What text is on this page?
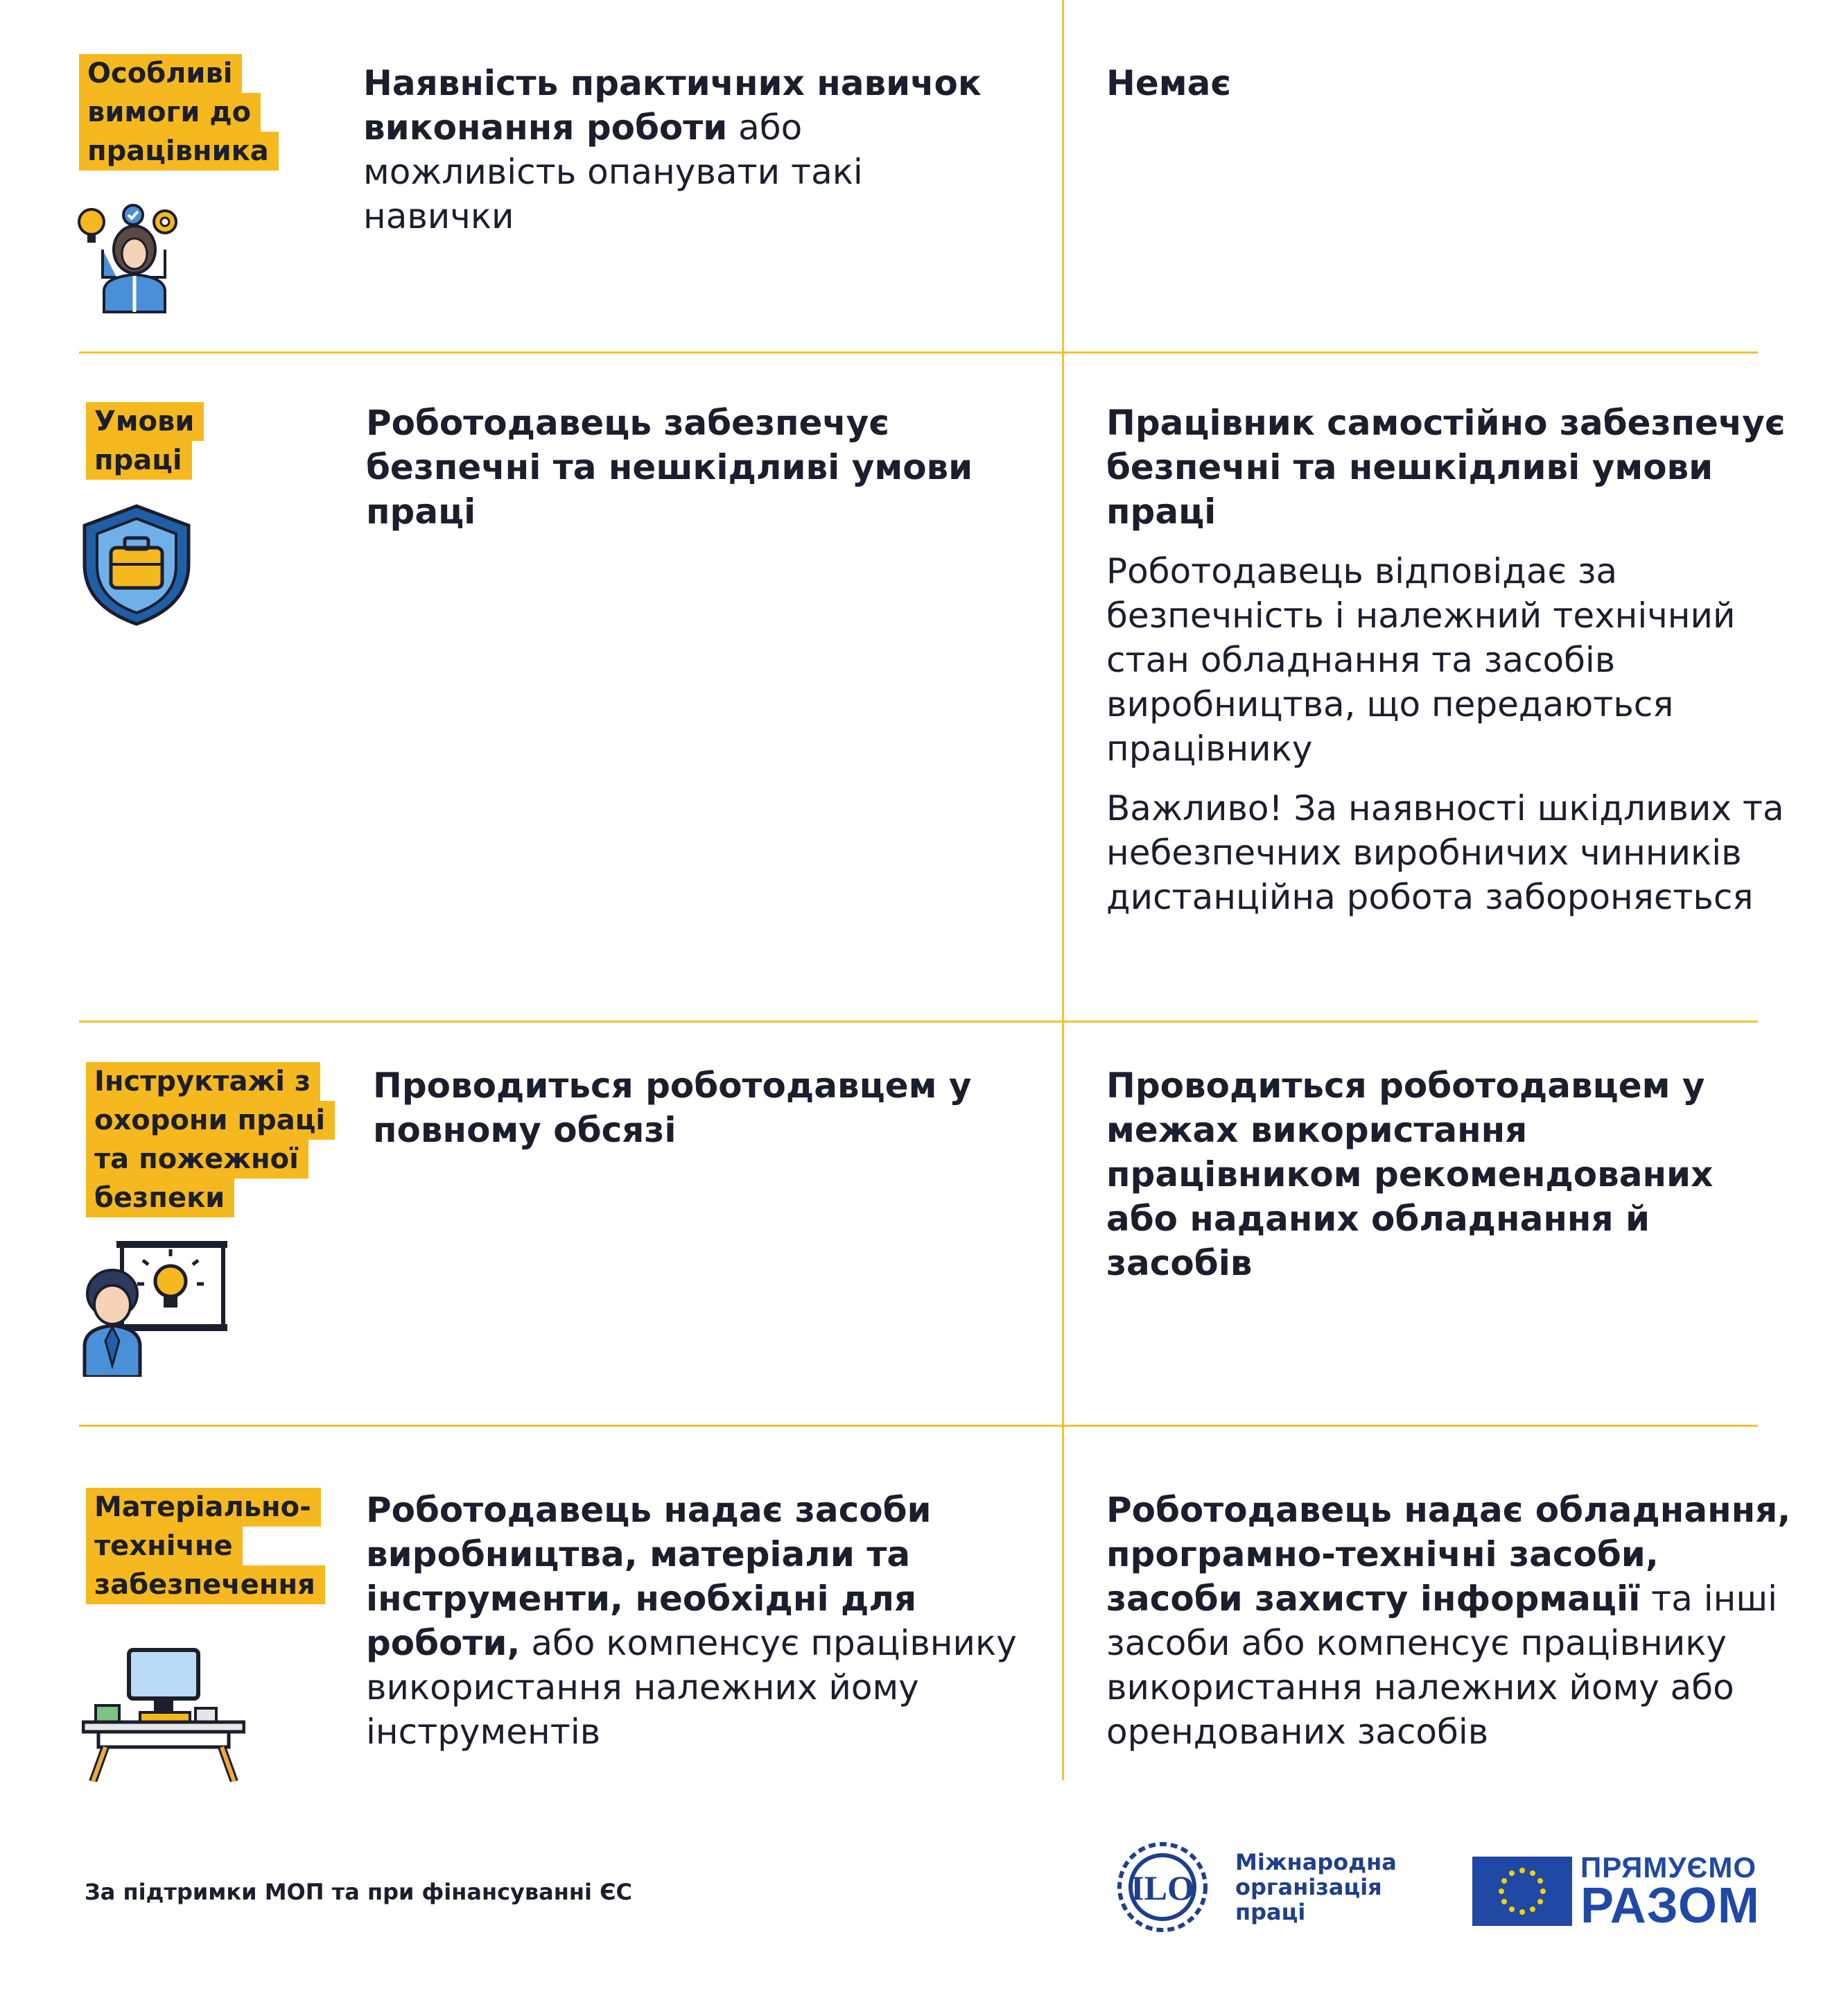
Особливі
вимоги до
працівника

Наявність практичних навичок виконання роботи або можливість опанувати такі навички

Немає

Умови
праці

Роботодавець забезпечує безпечні та нешкідливі умови праці

Працівник самостійно забезпечує безпечні та нешкідливі умови праці

Роботодавець відповідає за безпечність і належний технічний стан обладнання та засобів виробництва, що передаються працівнику

Важливо! За наявності шкідливих та небезпечних виробничих чинників дистанційна робота забороняється

Інструктажі з
охорони праці
та пожежної
безпеки

Проводиться роботодавцем у повному обсязі

Проводиться роботодавцем у межах використання працівником рекомендованих або наданих обладнання й засобів

Матеріально-
технічне
забезпечення

Роботодавець надає засоби виробництва, матеріали та інструменти, необхідні для роботи, або компенсує працівнику використання належних йому інструментів

Роботодавець надає обладнання, програмно-технічні засоби, засоби захисту інформації та інші засоби або компенсує працівнику використання належних йому або орендованих засобів

За підтримки МОП та при фінансуванні ЄС	ILO
Міжнародна
організація
праці
ПРЯМУЄМО
РАЗОМ
